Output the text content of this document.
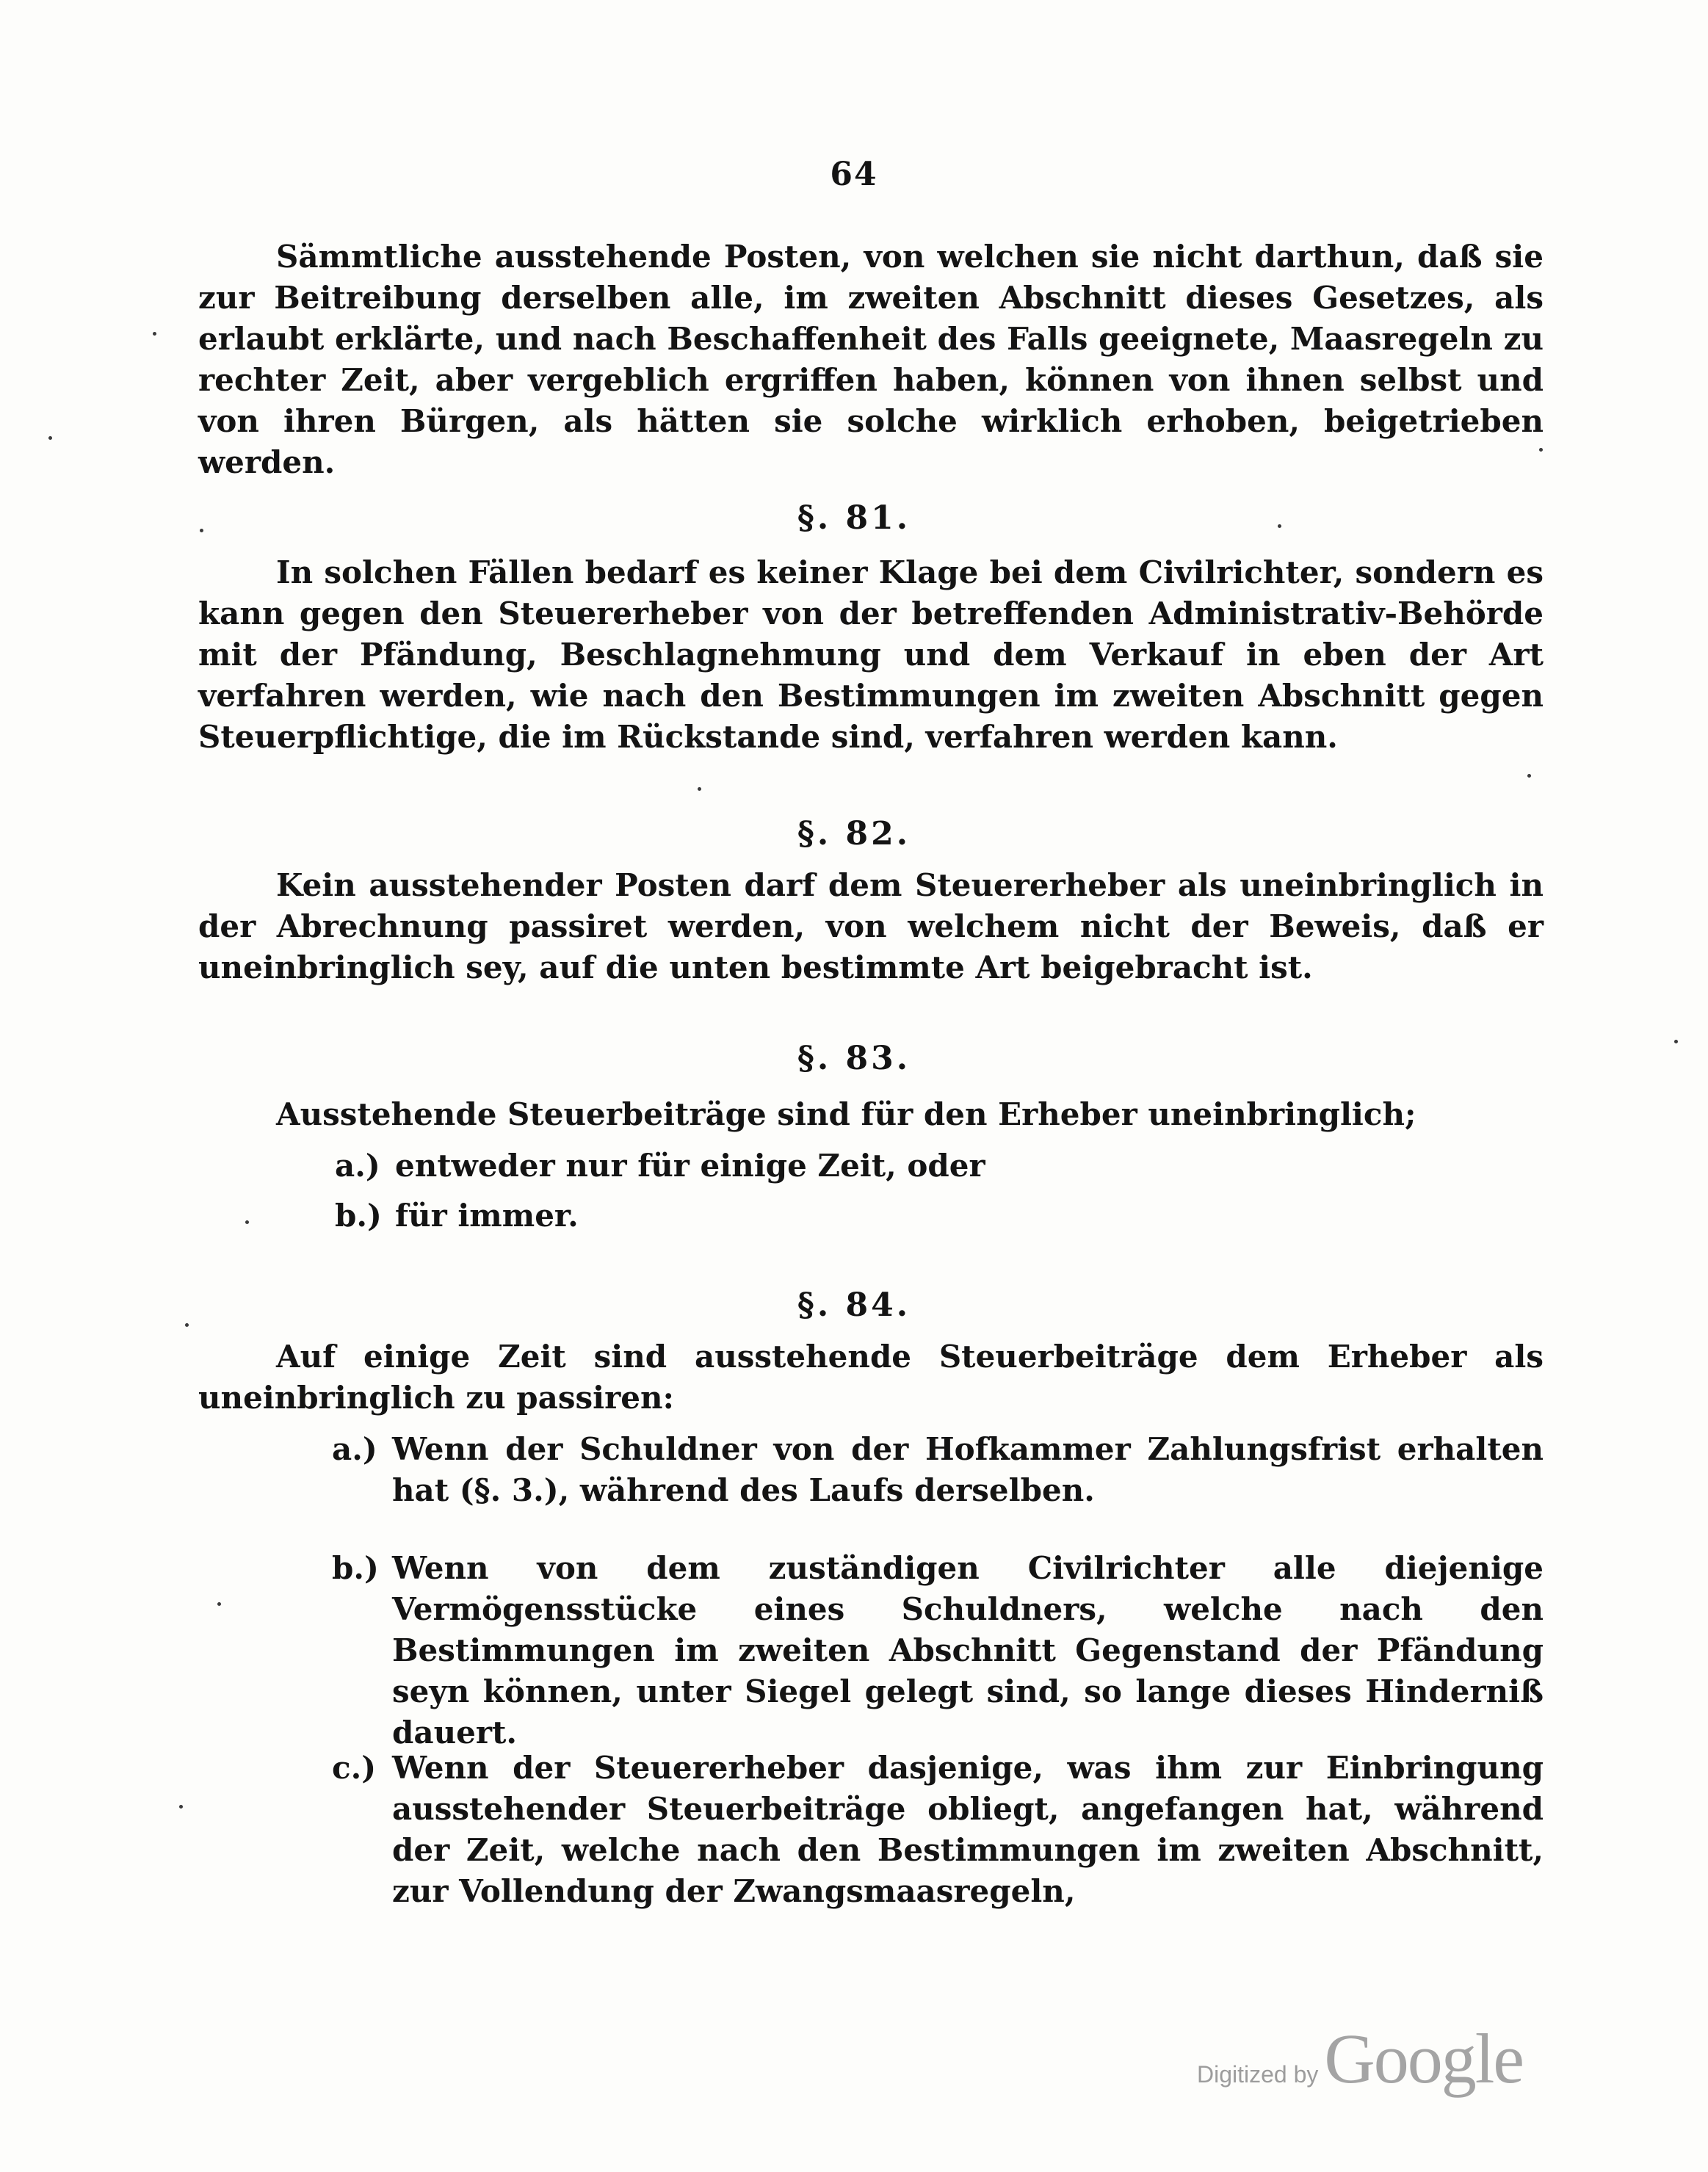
64
Sämmtliche ausstehende Posten, von welchen sie nicht darthun, daß sie zur Beitreibung derselben alle, im zweiten Abschnitt dieses Gesetzes, als erlaubt erklärte, und nach Beschaffenheit des Falls geeignete, Maasregeln zu rechter Zeit, aber vergeblich ergriffen haben, können von ihnen selbst und von ihren Bürgen, als hätten sie solche wirklich erhoben, beigetrieben werden.
§. 81.
In solchen Fällen bedarf es keiner Klage bei dem Civilrichter, sondern es kann gegen den Steuererheber von der betreffenden Administrativ-Behörde mit der Pfändung, Beschlagnehmung und dem Verkauf in eben der Art verfahren werden, wie nach den Bestimmungen im zweiten Abschnitt gegen Steuerpflichtige, die im Rückstande sind, verfahren werden kann.
§. 82.
Kein ausstehender Posten darf dem Steuererheber als uneinbringlich in der Abrechnung passiret werden, von welchem nicht der Beweis, daß er uneinbringlich sey, auf die unten bestimmte Art beigebracht ist.
§. 83.
Ausstehende Steuerbeiträge sind für den Erheber uneinbringlich;
a.) entweder nur für einige Zeit, oder
b.) für immer.
§. 84.
Auf einige Zeit sind ausstehende Steuerbeiträge dem Erheber als uneinbringlich zu passiren:
a.) Wenn der Schuldner von der Hofkammer Zahlungsfrist erhalten hat (§. 3.), während des Laufs derselben.
b.) Wenn von dem zuständigen Civilrichter alle diejenige Vermögensstücke eines Schuldners, welche nach den Bestimmungen im zweiten Abschnitt Gegenstand der Pfändung seyn können, unter Siegel gelegt sind, so lange dieses Hinderniß dauert.
c.) Wenn der Steuererheber dasjenige, was ihm zur Einbringung ausstehender Steuerbeiträge obliegt, angefangen hat, während der Zeit, welche nach den Bestimmungen im zweiten Abschnitt, zur Vollendung der Zwangsmaasregeln,
Digitized by Google
